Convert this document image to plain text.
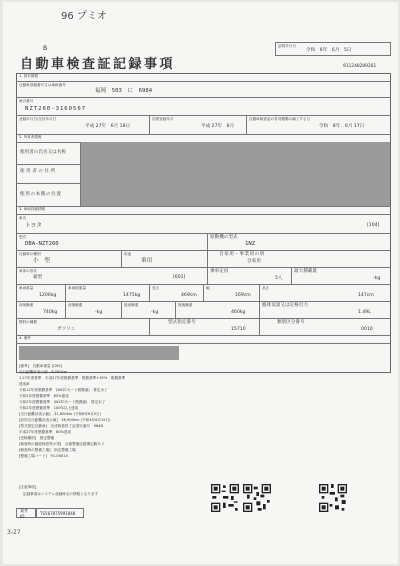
96 プミオ
B	証明年月日
令和　6年　6月　5日
自動車検査証記録事項	911240209261
1. 基本情報
自動車登録番号又は車両番号
福岡　503　に　6984
車台番号
NZT260-3160567
登録年月日/交付年月日
平成 27年　6月 18日
初度登録年月
平成 27年　6月
自動車検査証の有効期間の満了する日
令和　8年　6月 17日
2. 所有者情報
使用者の氏名又は名称
使用者の住所
使用の本拠の位置
3. 車両詳細情報
車名
トヨタ	[104]
型式
DBA-NZT260
原動機の型式
1NZ
自動車の種別
小　型
用途
乗用
自家用・事業用の別
自家用
車体の形状
箱型	[601]
乗車定員
5人
最大積載量
-kg
車両重量
1200kg
車両総重量
1475kg
長さ
469cm
幅
169cm
高さ
147cm
前前軸重
740kg
前後軸重
-kg
後前軸重
-kg
後後軸重
460kg
総排気量又は定格出力
1.49L
燃料の種類
ガソリン
型式指定番号
15710
類別区分番号
0010
4. 備考
[備考]　自動車重量 [OSS]
走行距離計表示値　6,000km
1.27年度基準　平成27年度燃費基準　燃費基準+35%　燃費基準
達成車
令和12年度燃費基準　(WLTCモード燃費値)　算定未了
令和2年度燃費基準　85%達成
令和2年度燃費基準　(WLTCモード燃費値)　算定未了
令和2年度燃費基準　100%以上達成
[走行距離計表示値]　31,800km (令和6年6月5日)
[前回走行距離計表示値]　56,900km (令和4年6月15日)
[型式指定自動車]　完成検査終了証発行番号　964B
平成27年度燃費基準　80%達成
[受検種別]　指定整備
[検査時の継続検査等の別]　点検整備記録簿記載あり
[検査時の整備工場]　指定整備工場
[整備工場コード]　91-00010
[注意事項]
記録事項はシステム登録時点の情報となります
案件ID
TS567075991840
3-27
